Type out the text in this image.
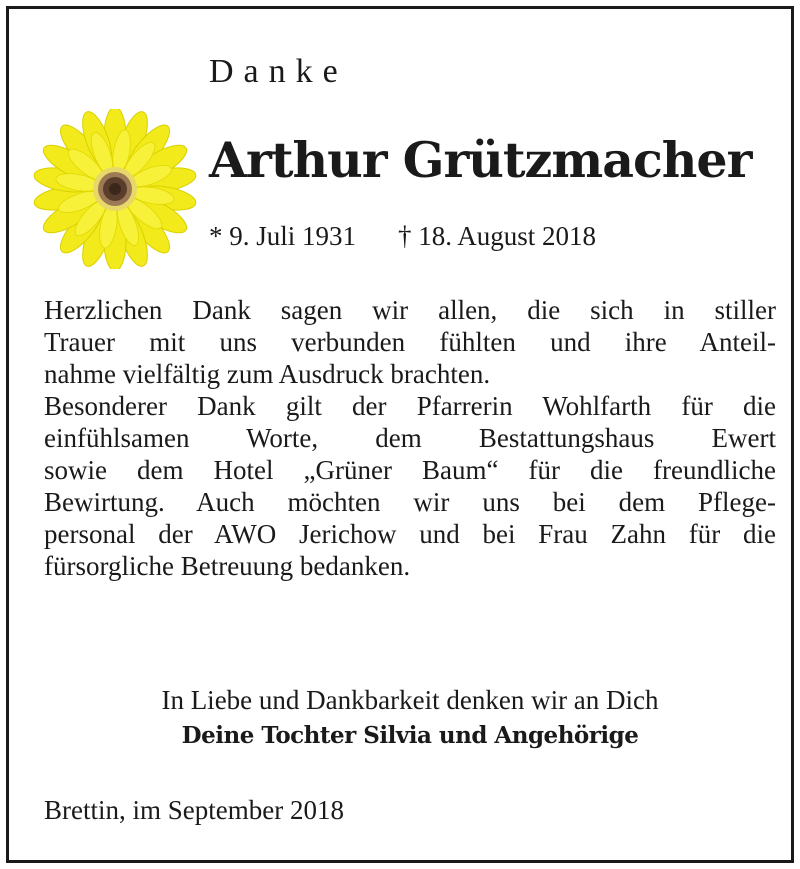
Danke
Arthur Grützmacher
* 9. Juli 1931 † 18. August 2018
Herzlichen Dank sagen wir allen, die sich in stiller
Trauer mit uns verbunden fühlten und ihre Anteil-
nahme vielfältig zum Ausdruck brachten.
Besonderer Dank gilt der Pfarrerin Wohlfarth für die
einfühlsamen Worte, dem Bestattungshaus Ewert
sowie dem Hotel „Grüner Baum“ für die freundliche
Bewirtung. Auch möchten wir uns bei dem Pflege-
personal der AWO Jerichow und bei Frau Zahn für die
fürsorgliche Betreuung bedanken.
In Liebe und Dankbarkeit denken wir an Dich
Deine Tochter Silvia und Angehörige
Brettin, im September 2018
